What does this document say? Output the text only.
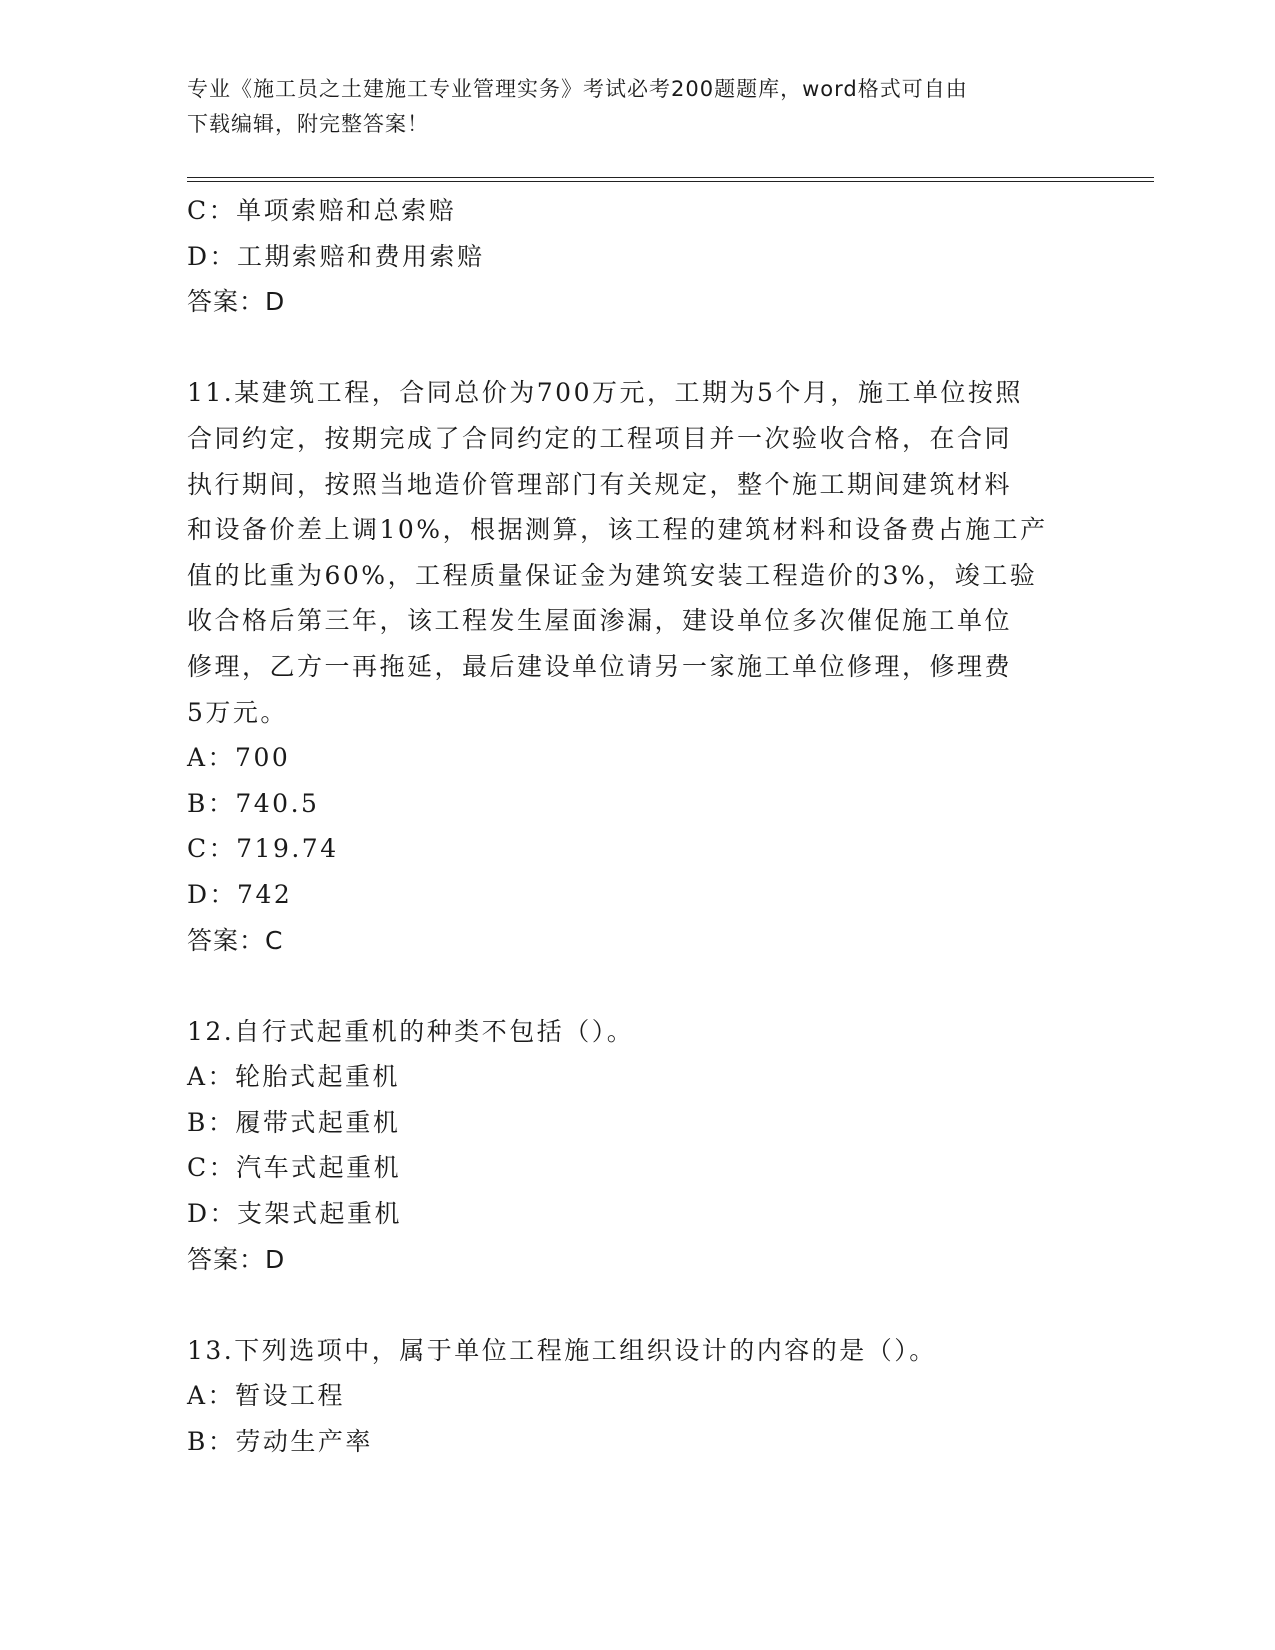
专业《施工员之土建施工专业管理实务》考试必考200题题库，word格式可自由
下载编辑，附完整答案！
C：单项索赔和总索赔
D：工期索赔和费用索赔
答案：D
11.某建筑工程，合同总价为700万元，工期为5个月，施工单位按照
合同约定，按期完成了合同约定的工程项目并一次验收合格，在合同
执行期间，按照当地造价管理部门有关规定，整个施工期间建筑材料
和设备价差上调10%，根据测算，该工程的建筑材料和设备费占施工产
值的比重为60%，工程质量保证金为建筑安装工程造价的3%，竣工验
收合格后第三年，该工程发生屋面渗漏，建设单位多次催促施工单位
修理，乙方一再拖延，最后建设单位请另一家施工单位修理，修理费
5万元。
A：700
B：740.5
C：719.74
D：742
答案：C
12.自行式起重机的种类不包括（）。
A：轮胎式起重机
B：履带式起重机
C：汽车式起重机
D：支架式起重机
答案：D
13.下列选项中，属于单位工程施工组织设计的内容的是（）。
A：暂设工程
B：劳动生产率
